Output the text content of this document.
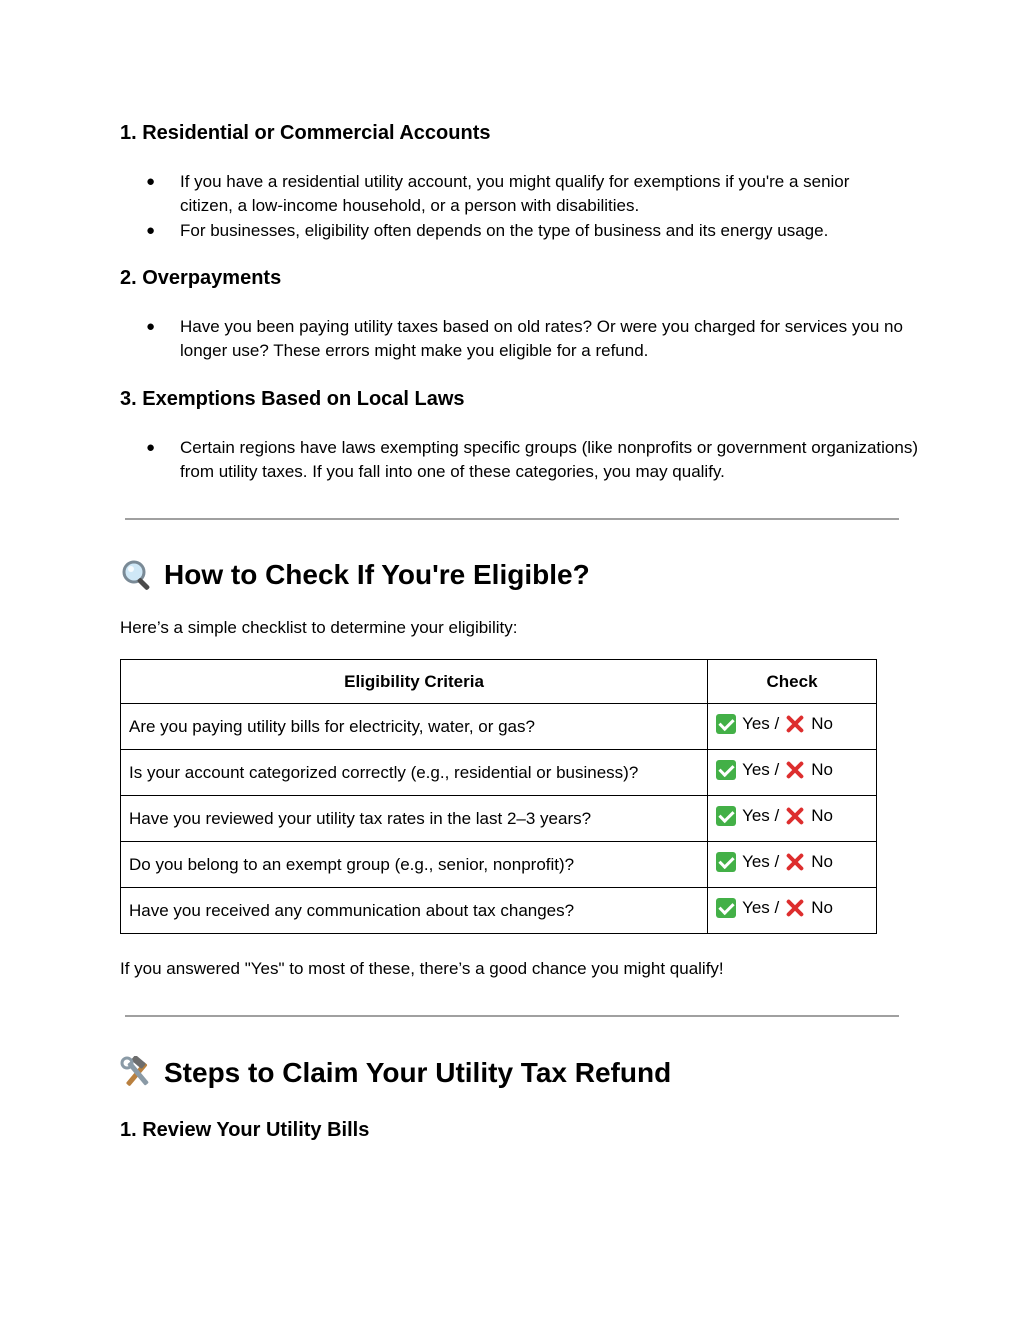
1. Residential or Commercial Accounts
● If you have a residential utility account, you might qualify for exemptions if you're a senior citizen, a low-income household, or a person with disabilities.
● For businesses, eligibility often depends on the type of business and its energy usage.
2. Overpayments
● Have you been paying utility taxes based on old rates? Or were you charged for services you no longer use? These errors might make you eligible for a refund.
3. Exemptions Based on Local Laws
● Certain regions have laws exempting specific groups (like nonprofits or government organizations) from utility taxes. If you fall into one of these categories, you may qualify.
How to Check If You're Eligible?

Here’s a simple checklist to determine your eligibility:

Eligibility Criteria	Check
Are you paying utility bills for electricity, water, or gas?	Yes / No

Is your account categorized correctly (e.g., residential or business)?	Yes / No

Have you reviewed your utility tax rates in the last 2–3 years?	Yes / No

Do you belong to an exempt group (e.g., senior, nonprofit)?	Yes / No

Have you received any communication about tax changes?	Yes / No

If you answered "Yes" to most of these, there’s a good chance you might qualify!

Steps to Claim Your Utility Tax Refund
1. Review Your Utility Bills
